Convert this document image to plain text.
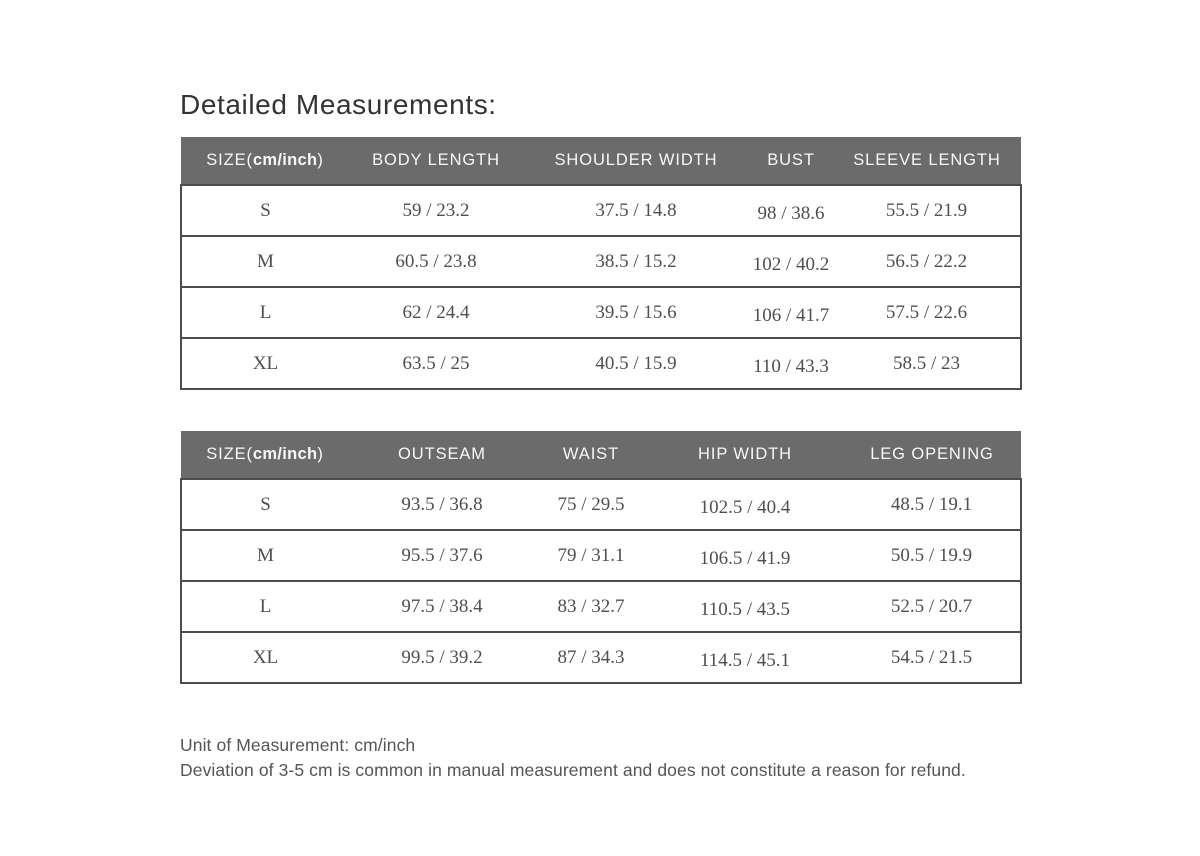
Detailed Measurements:
SIZE(cm/inch)	BODY LENGTH	SHOULDER WIDTH	BUST	SLEEVE LENGTH
S	59 / 23.2	37.5 / 14.8	98 / 38.6	55.5 / 21.9
M	60.5 / 23.8	38.5 / 15.2	102 / 40.2	56.5 / 22.2
L	62 / 24.4	39.5 / 15.6	106 / 41.7	57.5 / 22.6
XL	63.5 / 25	40.5 / 15.9	110 / 43.3	58.5 / 23
SIZE(cm/inch)	OUTSEAM	WAIST	HIP WIDTH	LEG OPENING
S	93.5 / 36.8	75 / 29.5	102.5 / 40.4	48.5 / 19.1
M	95.5 / 37.6	79 / 31.1	106.5 / 41.9	50.5 / 19.9
L	97.5 / 38.4	83 / 32.7	110.5 / 43.5	52.5 / 20.7
XL	99.5 / 39.2	87 / 34.3	114.5 / 45.1	54.5 / 21.5
Unit of Measurement: cm/inch
Deviation of 3-5 cm is common in manual measurement and does not constitute a reason for refund.
